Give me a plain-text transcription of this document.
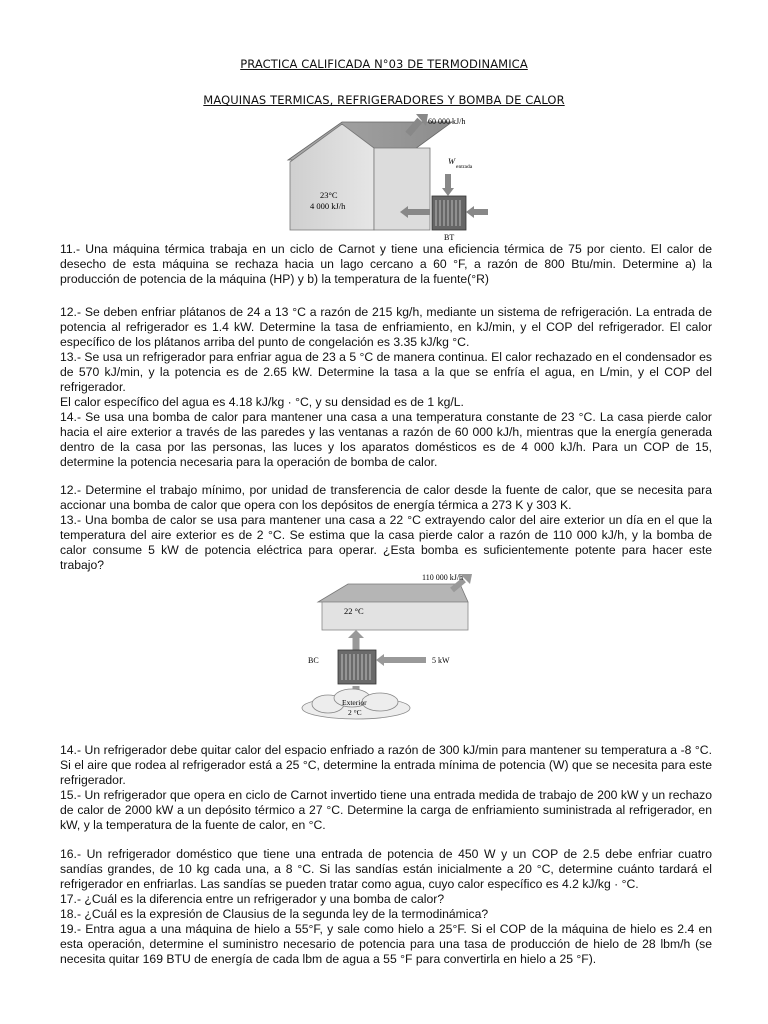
PRACTICA CALIFICADA N°03 DE TERMODINAMICA
MAQUINAS TERMICAS, REFRIGERADORES Y BOMBA DE CALOR
60 000 kJ/h
W
entrada
BT
23°C
4 000 kJ/h

11.- Una máquina térmica trabaja en un ciclo de Carnot y tiene una eficiencia térmica de 75 por ciento. El calor de desecho de esta máquina se rechaza hacia un lago cercano a 60 °F, a razón de 800 Btu/min. Determine a) la producción de potencia de la máquina (HP) y b) la temperatura de la fuente(°R)

12.- Se deben enfriar plátanos de 24 a 13 °C a razón de 215 kg/h, mediante un sistema de refrigeración. La entrada de potencia al refrigerador es 1.4 kW. Determine la tasa de enfriamiento, en kJ/min, y el COP del refrigerador. El calor específico de los plátanos arriba del punto de congelación es 3.35 kJ/kg °C.

13.- Se usa un refrigerador para enfriar agua de 23 a 5 °C de manera continua. El calor rechazado en el condensador es de 570 kJ/min, y la potencia es de 2.65 kW. Determine la tasa a la que se enfría el agua, en L/min, y el COP del refrigerador.

El calor específico del agua es 4.18 kJ/kg · °C, y su densidad es de 1 kg/L.

14.- Se usa una bomba de calor para mantener una casa a una temperatura constante de 23 °C. La casa pierde calor hacia el aire exterior a través de las paredes y las ventanas a razón de 60 000 kJ/h, mientras que la energía generada dentro de la casa por las personas, las luces y los aparatos domésticos es de 4 000 kJ/h. Para un COP de 15, determine la potencia necesaria para la operación de bomba de calor.

12.- Determine el trabajo mínimo, por unidad de transferencia de calor desde la fuente de calor, que se necesita para accionar una bomba de calor que opera con los depósitos de energía térmica a 273 K y 303 K.

13.- Una bomba de calor se usa para mantener una casa a 22 °C extrayendo calor del aire exterior un día en el que la temperatura del aire exterior es de 2 °C. Se estima que la casa pierde calor a razón de 110 000 kJ/h, y la bomba de calor consume 5 kW de potencia eléctrica para operar. ¿Esta bomba es suficientemente potente para hacer este trabajo?

22 °C
110 000 kJ/h
BC	5 kW
Exterior
2 °C

14.- Un refrigerador debe quitar calor del espacio enfriado a razón de 300 kJ/min para mantener su temperatura a -8 °C. Si el aire que rodea al refrigerador está a 25 °C, determine la entrada mínima de potencia (W) que se necesita para este refrigerador.

15.- Un refrigerador que opera en ciclo de Carnot invertido tiene una entrada medida de trabajo de 200 kW y un rechazo de calor de 2000 kW a un depósito térmico a 27 °C. Determine la carga de enfriamiento suministrada al refrigerador, en kW, y la temperatura de la fuente de calor, en °C.

16.- Un refrigerador doméstico que tiene una entrada de potencia de 450 W y un COP de 2.5 debe enfriar cuatro sandías grandes, de 10 kg cada una, a 8 °C. Si las sandías están inicialmente a 20 °C, determine cuánto tardará el refrigerador en enfriarlas. Las sandías se pueden tratar como agua, cuyo calor específico es 4.2 kJ/kg · °C.

17.- ¿Cuál es la diferencia entre un refrigerador y una bomba de calor?

18.- ¿Cuál es la expresión de Clausius de la segunda ley de la termodinámica?

19.- Entra agua a una máquina de hielo a 55°F, y sale como hielo a 25°F. Si el COP de la máquina de hielo es 2.4 en esta operación, determine el suministro necesario de potencia para una tasa de producción de hielo de 28 lbm/h (se necesita quitar 169 BTU de energía de cada lbm de agua a 55 °F para convertirla en hielo a 25 °F).
